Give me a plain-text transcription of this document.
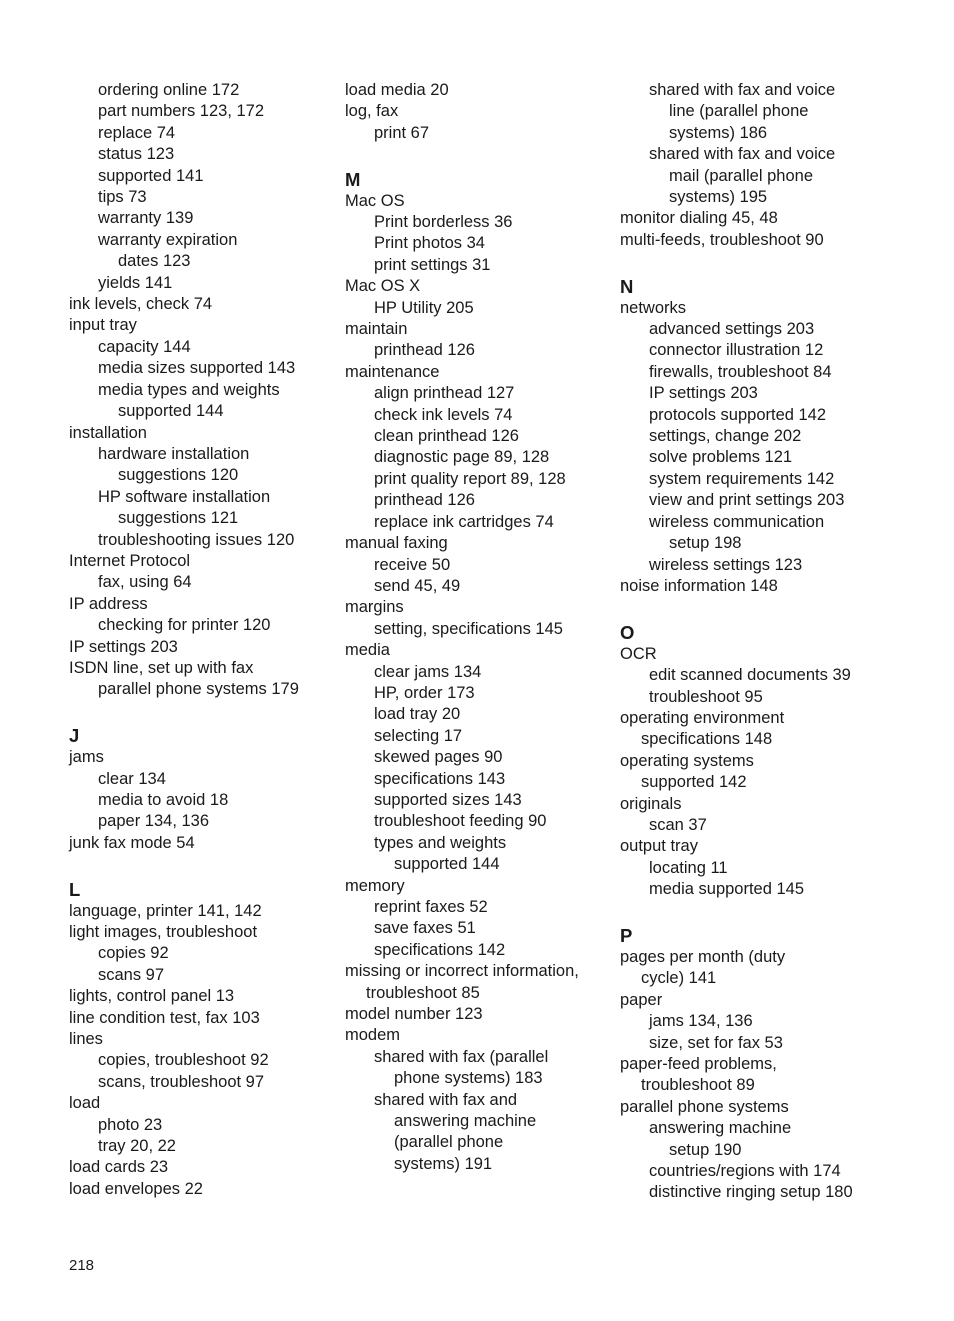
ordering online 172
part numbers 123, 172
replace 74
status 123
supported 141
tips 73
warranty 139
warranty expiration
dates 123
yields 141
ink levels, check 74
input tray
capacity 144
media sizes supported 143
media types and weights
supported 144
installation
hardware installation
suggestions 120
HP software installation
suggestions 121
troubleshooting issues 120
Internet Protocol
fax, using 64
IP address
checking for printer 120
IP settings 203
ISDN line, set up with fax
parallel phone systems 179
J
jams
clear 134
media to avoid 18
paper 134, 136
junk fax mode 54
L
language, printer 141, 142
light images, troubleshoot
copies 92
scans 97
lights, control panel 13
line condition test, fax 103
lines
copies, troubleshoot 92
scans, troubleshoot 97
load
photo 23
tray 20, 22
load cards 23
load envelopes 22
load media 20
log, fax
print 67
M
Mac OS
Print borderless 36
Print photos 34
print settings 31
Mac OS X
HP Utility 205
maintain
printhead 126
maintenance
align printhead 127
check ink levels 74
clean printhead 126
diagnostic page 89, 128
print quality report 89, 128
printhead 126
replace ink cartridges 74
manual faxing
receive 50
send 45, 49
margins
setting, specifications 145
media
clear jams 134
HP, order 173
load tray 20
selecting 17
skewed pages 90
specifications 143
supported sizes 143
troubleshoot feeding 90
types and weights
supported 144
memory
reprint faxes 52
save faxes 51
specifications 142
missing or incorrect information,
troubleshoot 85
model number 123
modem
shared with fax (parallel
phone systems) 183
shared with fax and
answering machine
(parallel phone
systems) 191
shared with fax and voice
line (parallel phone
systems) 186
shared with fax and voice
mail (parallel phone
systems) 195
monitor dialing 45, 48
multi-feeds, troubleshoot 90
N
networks
advanced settings 203
connector illustration 12
firewalls, troubleshoot 84
IP settings 203
protocols supported 142
settings, change 202
solve problems 121
system requirements 142
view and print settings 203
wireless communication
setup 198
wireless settings 123
noise information 148
O
OCR
edit scanned documents 39
troubleshoot 95
operating environment
specifications 148
operating systems
supported 142
originals
scan 37
output tray
locating 11
media supported 145
P
pages per month (duty
cycle) 141
paper
jams 134, 136
size, set for fax 53
paper-feed problems,
troubleshoot 89
parallel phone systems
answering machine
setup 190
countries/regions with 174
distinctive ringing setup 180
218
